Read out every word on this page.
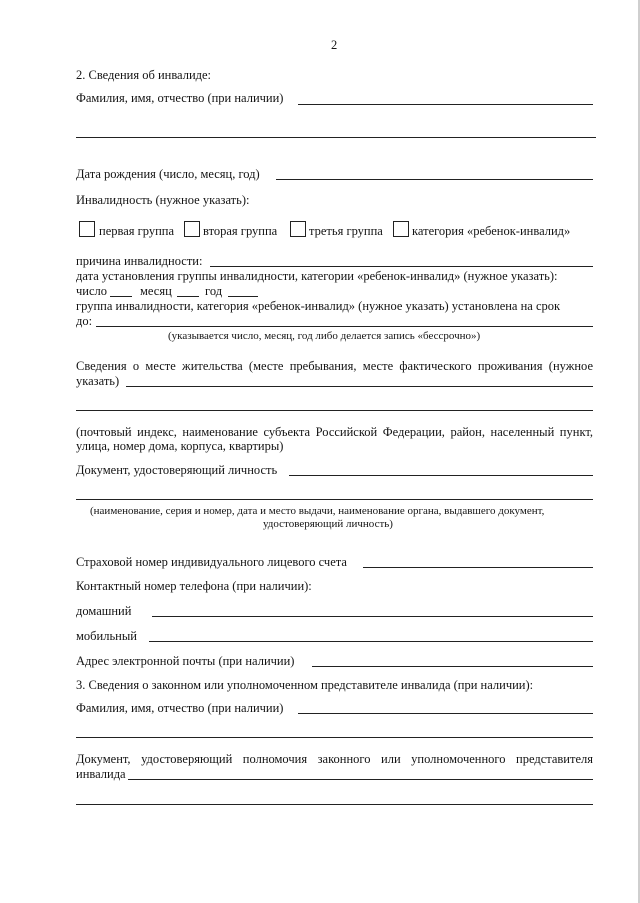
2
2. Сведения об инвалиде:
Фамилия, имя, отчество (при наличии)
Дата рождения (число, месяц, год)
Инвалидность (нужное указать):
первая группа вторая группа	третья группа категория «ребенок-инвалид»
причина инвалидности:
дата установления группы инвалидности, категории «ребенок-инвалид» (нужное указать):
число	месяц	год
группа инвалидности, категория «ребенок-инвалид» (нужное указать) установлена на срок
до:
(указывается число, месяц, год либо делается запись «бессрочно»)
Сведения о месте жительства (месте пребывания, месте фактического проживания (нужное
указать)
(почтовый индекс, наименование субъекта Российской Федерации, район, населенный пункт,
улица, номер дома, корпуса, квартиры)
Документ, удостоверяющий личность
(наименование, серия и номер, дата и место выдачи, наименование органа, выдавшего документ,
удостоверяющий личность)
Страховой номер индивидуального лицевого счета
Контактный номер телефона (при наличии):
домашний
мобильный
Адрес электронной почты (при наличии)
3. Сведения о законном или уполномоченном представителе инвалида (при наличии):
Фамилия, имя, отчество (при наличии)
Документ, удостоверяющий полномочия законного или уполномоченного представителя
инвалида
